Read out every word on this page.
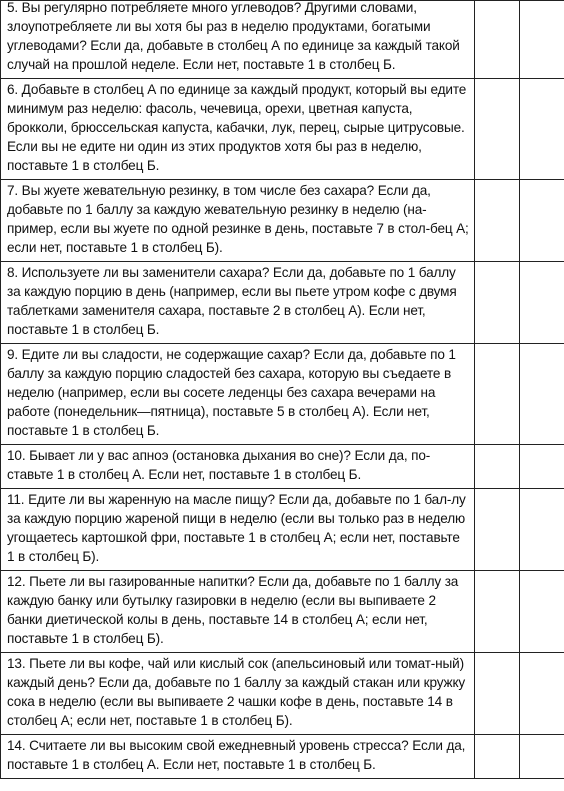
5. Вы регулярно потребляете много углеводов? Другими словами, злоупотребляете ли вы хотя бы раз в неделю продуктами, богатыми углеводами? Если да, добавьте в столбец А по единице за каждый такой случай на прошлой неделе. Если нет, поставьте 1 в столбец Б.		

6. Добавьте в столбец А по единице за каждый продукт, который вы едите минимум раз неделю: фасоль, чечевица, орехи, цветная капуста, брокколи, брюссельская капуста, кабачки, лук, перец, сырые цитрусовые. Если вы не едите ни один из этих продуктов хотя бы раз в неделю, поставьте 1 в столбец Б.		

7. Вы жуете жевательную резинку, в том числе без сахара? Если да, добавьте по 1 баллу за каждую жевательную резинку в неделю (на-пример, если вы жуете по одной резинке в день, поставьте 7 в стол-бец А; если нет, поставьте 1 в столбец Б).		

8. Используете ли вы заменители сахара? Если да, добавьте по 1 баллу за каждую порцию в день (например, если вы пьете утром кофе с двумя таблетками заменителя сахара, поставьте 2 в столбец А). Если нет, поставьте 1 в столбец Б.		

9. Едите ли вы сладости, не содержащие сахар? Если да, добавьте по 1 баллу за каждую порцию сладостей без сахара, которую вы съедаете в неделю (например, если вы сосете леденцы без сахара вечерами на работе (понедельник—пятница), поставьте 5 в столбец А). Если нет, поставьте 1 в столбец Б.		

10. Бывает ли у вас апноэ (остановка дыхания во сне)? Если да, по-ставьте 1 в столбец А. Если нет, поставьте 1 в столбец Б.		

11. Едите ли вы жаренную на масле пищу? Если да, добавьте по 1 бал-лу за каждую порцию жареной пищи в неделю (если вы только раз в неделю угощаетесь картошкой фри, поставьте 1 в столбец А; если нет, поставьте 1 в столбец Б).		

12. Пьете ли вы газированные напитки? Если да, добавьте по 1 баллу за каждую банку или бутылку газировки в неделю (если вы выпиваете 2 банки диетической колы в день, поставьте 14 в столбец А; если нет, поставьте 1 в столбец Б).		

13. Пьете ли вы кофе, чай или кислый сок (апельсиновый или томат-ный) каждый день? Если да, добавьте по 1 баллу за каждый стакан или кружку сока в неделю (если вы выпиваете 2 чашки кофе в день, поставьте 14 в столбец А; если нет, поставьте 1 в столбец Б).		

14. Считаете ли вы высоким свой ежедневный уровень стресса? Если да, поставьте 1 в столбец А. Если нет, поставьте 1 в столбец Б.		
